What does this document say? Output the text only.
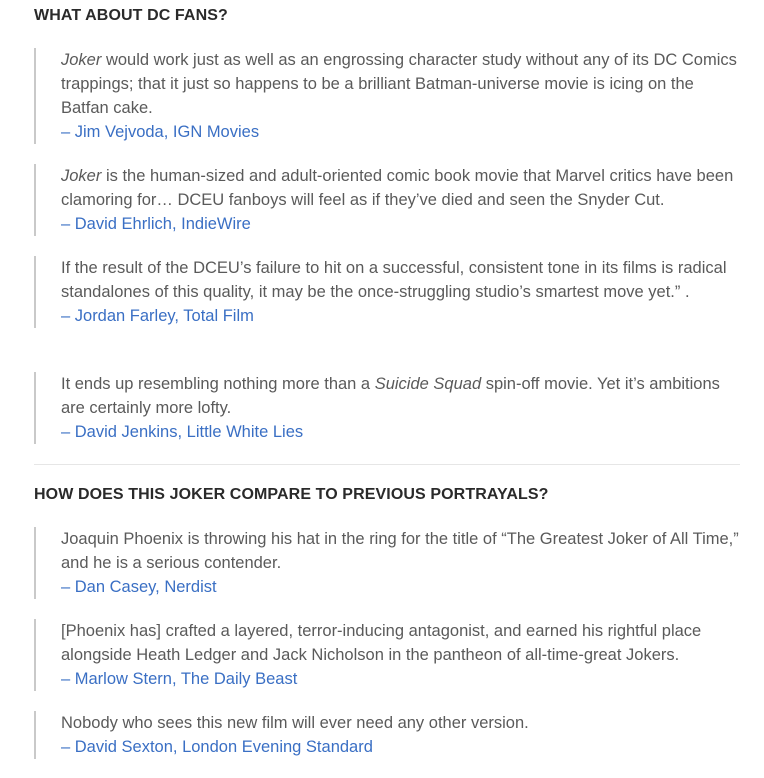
WHAT ABOUT DC FANS?
Joker would work just as well as an engrossing character study without any of its DC Comics trappings; that it just so happens to be a brilliant Batman-universe movie is icing on the Batfan cake.
– Jim Vejvoda, IGN Movies
Joker is the human-sized and adult-oriented comic book movie that Marvel critics have been clamoring for… DCEU fanboys will feel as if they’ve died and seen the Snyder Cut.
– David Ehrlich, IndieWire
If the result of the DCEU’s failure to hit on a successful, consistent tone in its films is radical standalones of this quality, it may be the once-struggling studio’s smartest move yet.” .
– Jordan Farley, Total Film
It ends up resembling nothing more than a Suicide Squad spin-off movie. Yet it’s ambitions are certainly more lofty.
– David Jenkins, Little White Lies
HOW DOES THIS JOKER COMPARE TO PREVIOUS PORTRAYALS?
Joaquin Phoenix is throwing his hat in the ring for the title of “The Greatest Joker of All Time,” and he is a serious contender.
– Dan Casey, Nerdist
[Phoenix has] crafted a layered, terror-inducing antagonist, and earned his rightful place alongside Heath Ledger and Jack Nicholson in the pantheon of all-time-great Jokers.
– Marlow Stern, The Daily Beast
Nobody who sees this new film will ever need any other version.
– David Sexton, London Evening Standard
